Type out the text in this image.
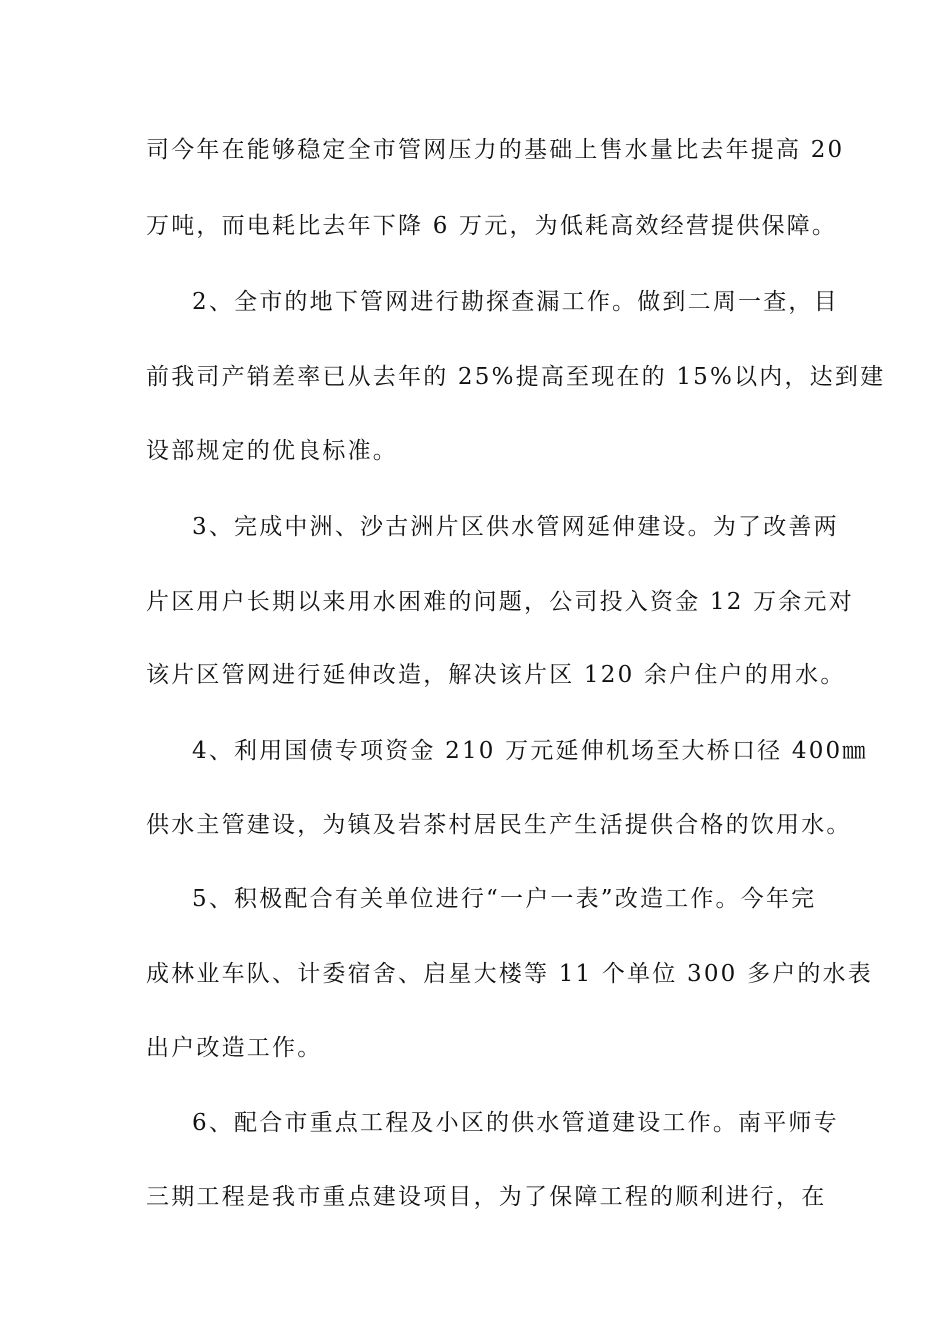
司今年在能够稳定全市管网压力的基础上售水量比去年提高 20
万吨，而电耗比去年下降 6 万元，为低耗高效经营提供保障。
2、全市的地下管网进行勘探查漏工作。做到二周一查，目
前我司产销差率已从去年的 25%提高至现在的 15%以内，达到建
设部规定的优良标准。
3、完成中洲、沙古洲片区供水管网延伸建设。为了改善两
片区用户长期以来用水困难的问题，公司投入资金 12 万余元对
该片区管网进行延伸改造，解决该片区 120 余户住户的用水。
4、利用国债专项资金 210 万元延伸机场至大桥口径 400㎜
供水主管建设，为镇及岩茶村居民生产生活提供合格的饮用水。
5、积极配合有关单位进行“一户一表”改造工作。今年完
成林业车队、计委宿舍、启星大楼等 11 个单位 300 多户的水表
出户改造工作。
6、配合市重点工程及小区的供水管道建设工作。南平师专
三期工程是我市重点建设项目，为了保障工程的顺利进行，在
